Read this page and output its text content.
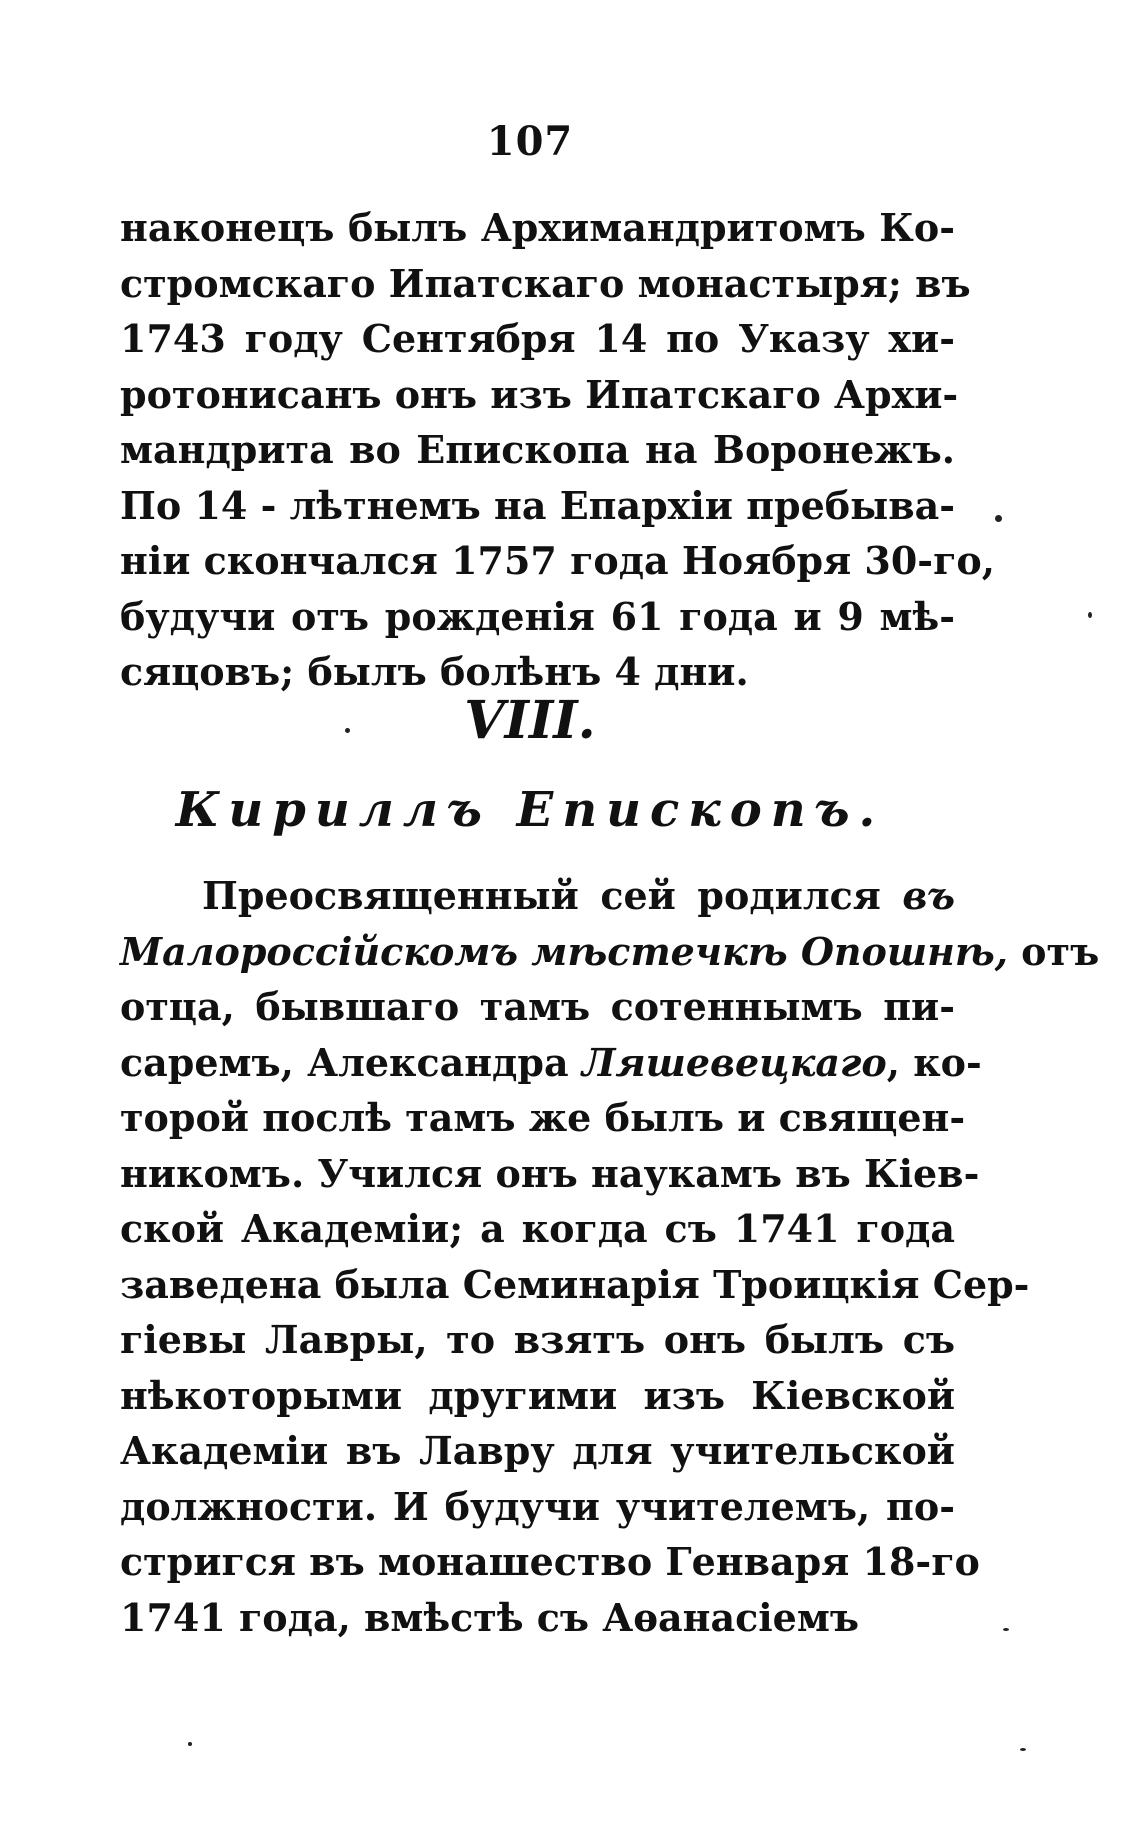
107
наконецъ былъ Архимандритомъ Ко-
стромскаго Ипатскаго монастыря; въ
1743 году Сентября 14 по Указу хи-
ротонисанъ онъ изъ Ипатскаго Архи-
мандрита во Епископа на Воронежъ.
По 14 - лѣтнемъ на Епархіи пребыва-
ніи скончался 1757 года Ноября 30-го,
будучи отъ рожденія 61 года и 9 мѣ-
сяцовъ; былъ болѣнъ 4 дни.
VIII.
Кириллъ Епископъ.
Преосвященный сей родился въ
Малороссійскомъ мѣстечкѣ Опошнѣ, отъ
отца, бывшаго тамъ сотеннымъ пи-
саремъ, Александра Ляшевецкаго, ко-
торой послѣ тамъ же былъ и священ-
никомъ. Учился онъ наукамъ въ Кіев-
ской Академіи; а когда съ 1741 года
заведена была Семинарія Троицкія Сер-
гіевы Лавры, то взятъ онъ былъ съ
нѣкоторыми другими изъ Кіевской
Академіи въ Лавру для учительской
должности. И будучи учителемъ, по-
стригся въ монашество Генваря 18-го
1741 года, вмѣстѣ съ Аѳанасіемъ
